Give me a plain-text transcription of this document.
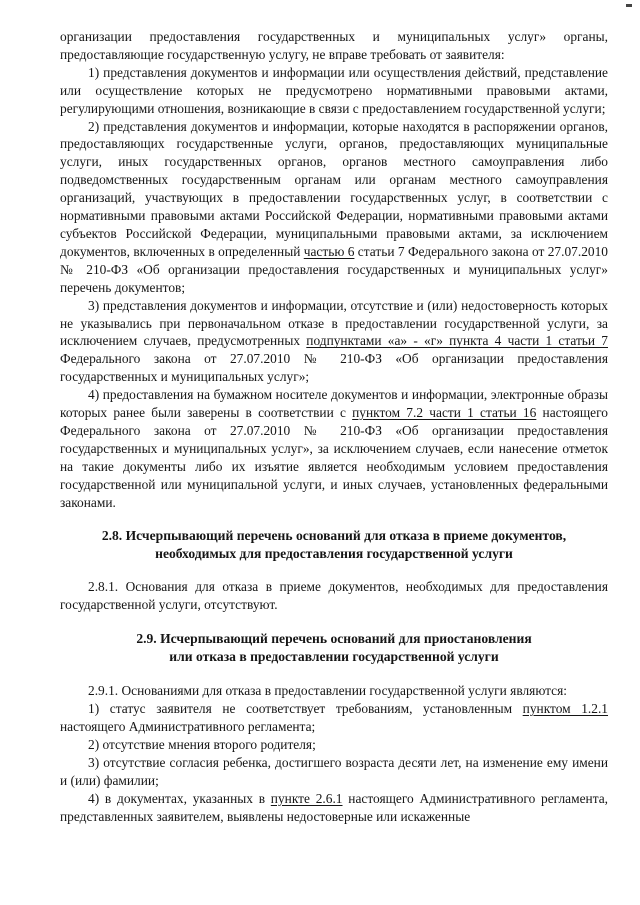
организации предоставления государственных и муниципальных услуг» органы, предоставляющие государственную услугу, не вправе требовать от заявителя:

1) представления документов и информации или осуществления действий, представление или осуществление которых не предусмотрено нормативными правовыми актами, регулирующими отношения, возникающие в связи с предоставлением государственной услуги;

2) представления документов и информации, которые находятся в распоряжении органов, предоставляющих государственные услуги, органов, предоставляющих муниципальные услуги, иных государственных органов, органов местного самоуправления либо подведомственных государственным органам или органам местного самоуправления организаций, участвующих в предоставлении государственных услуг, в соответствии с нормативными правовыми актами Российской Федерации, нормативными правовыми актами субъектов Российской Федерации, муниципальными правовыми актами, за исключением документов, включенных в определенный частью 6 статьи 7 Федерального закона от 27.07.2010 № 210-ФЗ «Об организации предоставления государственных и муниципальных услуг» перечень документов;

3) представления документов и информации, отсутствие и (или) недостоверность которых не указывались при первоначальном отказе в предоставлении государственной услуги, за исключением случаев, предусмотренных подпунктами «а» - «г» пункта 4 части 1 статьи 7 Федерального закона от 27.07.2010 № 210-ФЗ «Об организации предоставления государственных и муниципальных услуг»;

4) предоставления на бумажном носителе документов и информации, электронные образы которых ранее были заверены в соответствии с пунктом 7.2 части 1 статьи 16 настоящего Федерального закона от 27.07.2010 № 210-ФЗ «Об организации предоставления государственных и муниципальных услуг», за исключением случаев, если нанесение отметок на такие документы либо их изъятие является необходимым условием предоставления государственной или муниципальной услуги, и иных случаев, установленных федеральными законами.

2.8. Исчерпывающий перечень оснований для отказа в приеме документов,
необходимых для предоставления государственной услуги

2.8.1. Основания для отказа в приеме документов, необходимых для предоставления государственной услуги, отсутствуют.

2.9. Исчерпывающий перечень оснований для приостановления
или отказа в предоставлении государственной услуги

2.9.1. Основаниями для отказа в предоставлении государственной услуги являются:

1) статус заявителя не соответствует требованиям, установленным пунктом 1.2.1 настоящего Административного регламента;

2) отсутствие мнения второго родителя;

3) отсутствие согласия ребенка, достигшего возраста десяти лет, на изменение ему имени и (или) фамилии;

4) в документах, указанных в пункте 2.6.1 настоящего Административного регламента, представленных заявителем, выявлены недостоверные или искаженные
